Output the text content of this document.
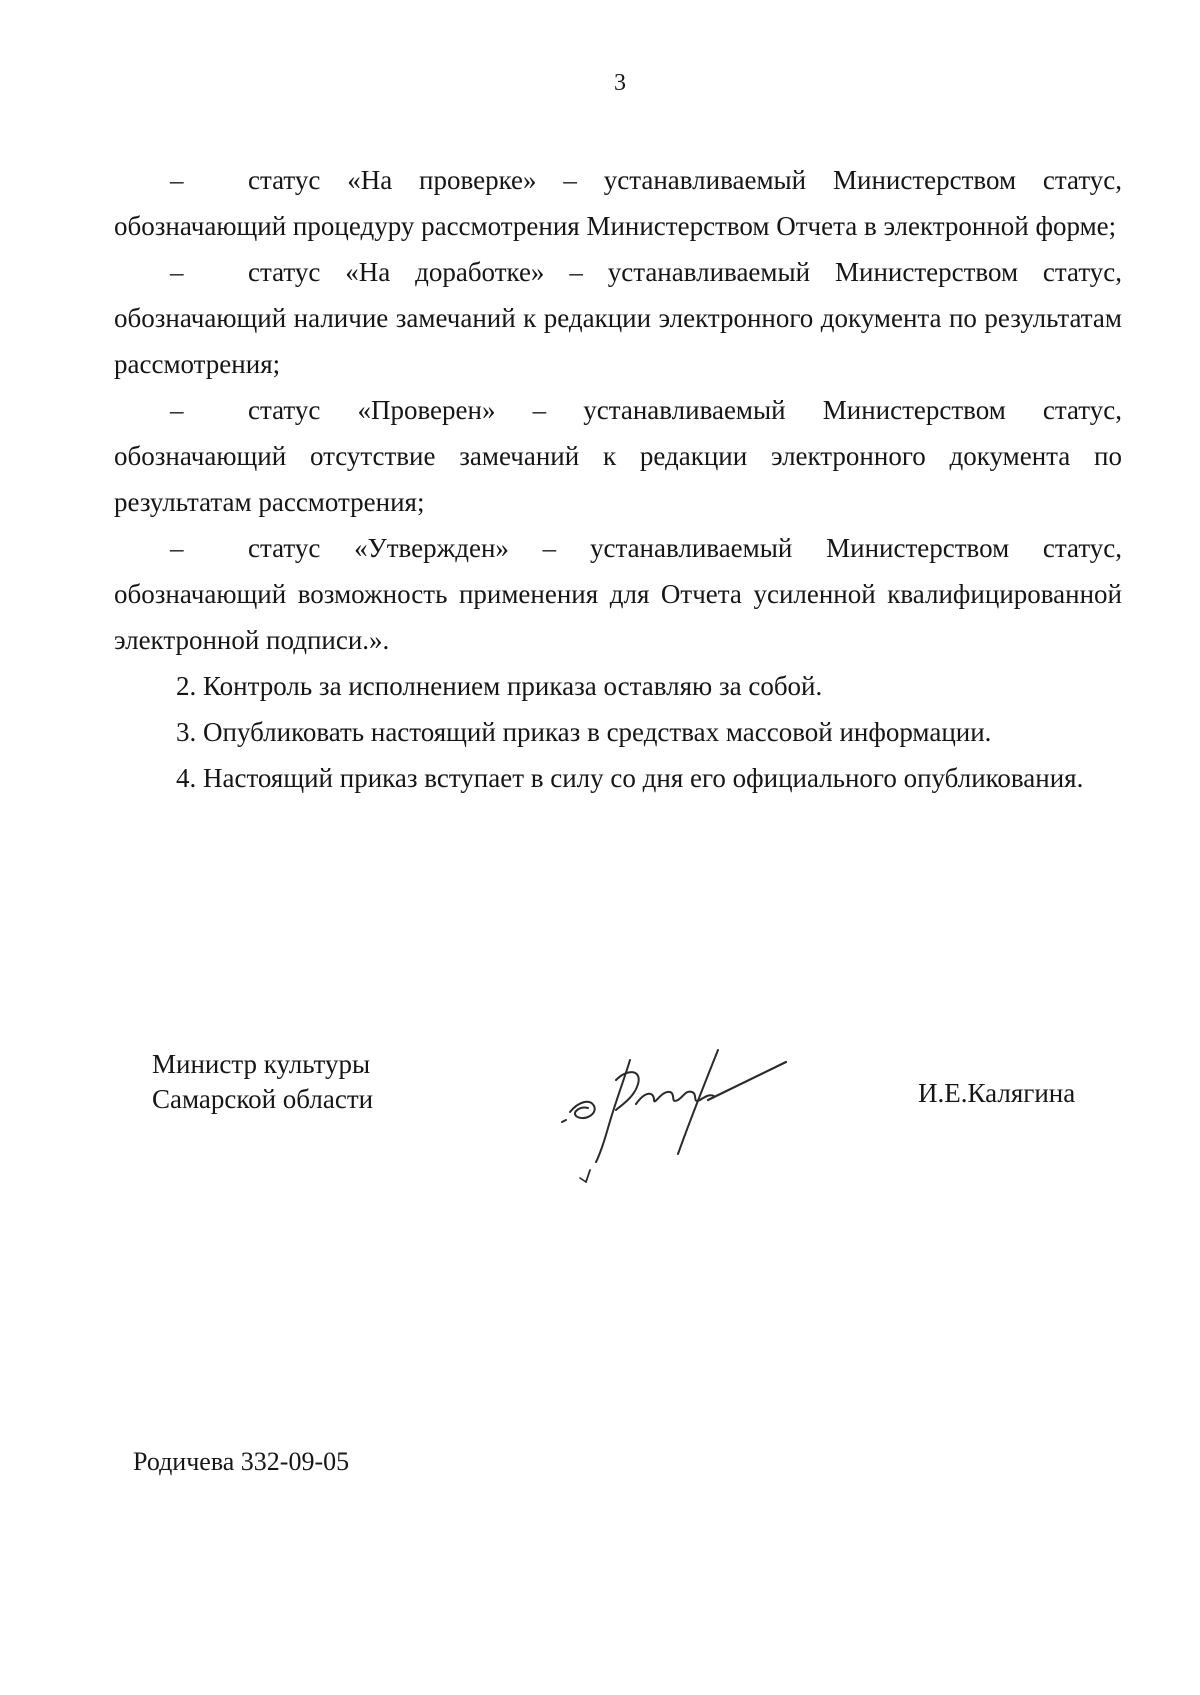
3

– статус «На проверке» – устанавливаемый Министерством статус, обозначающий процедуру рассмотрения Министерством Отчета в электронной форме;

– статус «На доработке» – устанавливаемый Министерством статус, обозначающий наличие замечаний к редакции электронного документа по результатам рассмотрения;

– статус «Проверен» – устанавливаемый Министерством статус, обозначающий отсутствие замечаний к редакции электронного документа по результатам рассмотрения;

– статус «Утвержден» – устанавливаемый Министерством статус, обозначающий возможность применения для Отчета усиленной квалифицированной электронной подписи.».

2. Контроль за исполнением приказа оставляю за собой.

3. Опубликовать настоящий приказ в средствах массовой информации.

4. Настоящий приказ вступает в силу со дня его официального опубликования.

Министр культуры
Самарской области	И.Е.Калягина
Родичева 332-09-05
